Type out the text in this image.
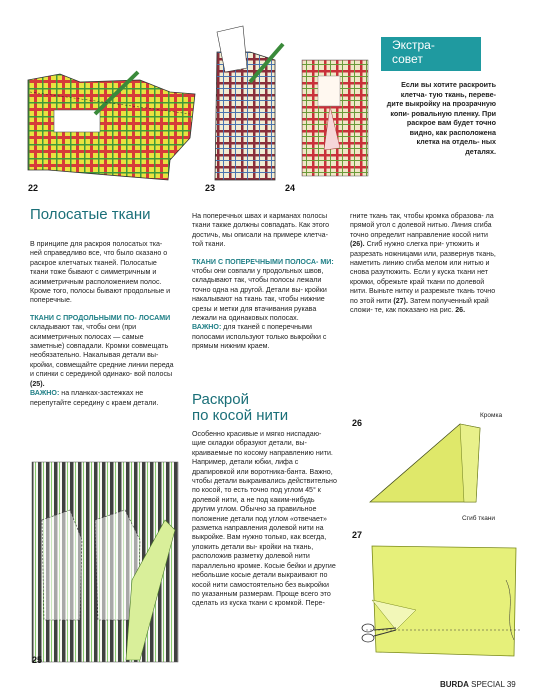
22	23	24
Экстра-
совет
Если вы хотите раскроить клетча- тую ткань, переве- дите выкройку на прозрачную копи- ровальную пленку. При раскрое вам будет точно видно, как расположена клетка на отдель- ных деталях.
Полосатые ткани

В принципе для раскроя полосатых тка- ней справедливо все, что было сказано о раскрое клетчатых тканей. Полосатые ткани тоже бывают с симметричным и асимметричным расположением полос. Кроме того, полосы бывают продольные и поперечные.

ТКАНИ С ПРОДОЛЬНЫМИ ПО- ЛОСАМИ складывают так, чтобы они (при асимметричных полосах — самые заметные) совпадали. Кромки совмещать необязательно. Накалывая детали вы- кройки, совмещайте средние линии переда и спинки с серединой одинако- вой полосы (25).

ВАЖНО: на планках-застежках не перепутайте середину с краем детали.

На поперечных швах и карманах полосы ткани также должны совпадать. Как этого достичь, мы описали на примере клетча- той ткани.

ТКАНИ С ПОПЕРЕЧНЫМИ ПОЛОСА- МИ: чтобы они совпали у продольных швов, складывают так, чтобы полосы лежали точно одна на другой. Детали вы- кройки накалывают на ткань так, чтобы нижние срезы и метки для втачивания рукава лежали на одинаковых полосах.

ВАЖНО: для тканей с поперечными полосами используют только выкройки с прямым нижним краем.

Раскрой
по косой нити
Особенно красивые и мягко ниспадаю- щие складки образуют детали, вы- краиваемые по косому направлению нити. Например, детали юбки, лифа с драпировкой или воротника-банта. Важно, чтобы детали выкраивались действительно по косой, то есть точно под углом 45° к долевой нити, а не под каким-нибудь другим углом. Обычно за правильное положение детали под углом «отвечает» разметка направления долевой нити на выкройке. Вам нужно только, как всегда, уложить детали вы- кройки на ткань, расположив разметку долевой нити параллельно кромке. Косые бейки и другие небольшие косые детали выкраивают по косой нити самостоятельно без выкройки по указанным размерам. Проще всего это сделать из куска ткани с кромкой. Пере-
гните ткань так, чтобы кромка образова- ла прямой угол с долевой нитью. Линия сгиба точно определит направление косой нити (26). Сгиб нужно слегка при- утюжить и разрезать ножницами или, развернув ткань, наметить линию сгиба мелом или нитью и снова разутюжить. Если у куска ткани нет кромки, обрежьте край ткани по долевой нити. Выньте нитку и разрежьте ткань точно по этой нити (27). Затем полученный край сложи- те, как показано на рис. 26.
25
26
Кромка
Сгиб ткани
27
BURDA SPECIAL 39
